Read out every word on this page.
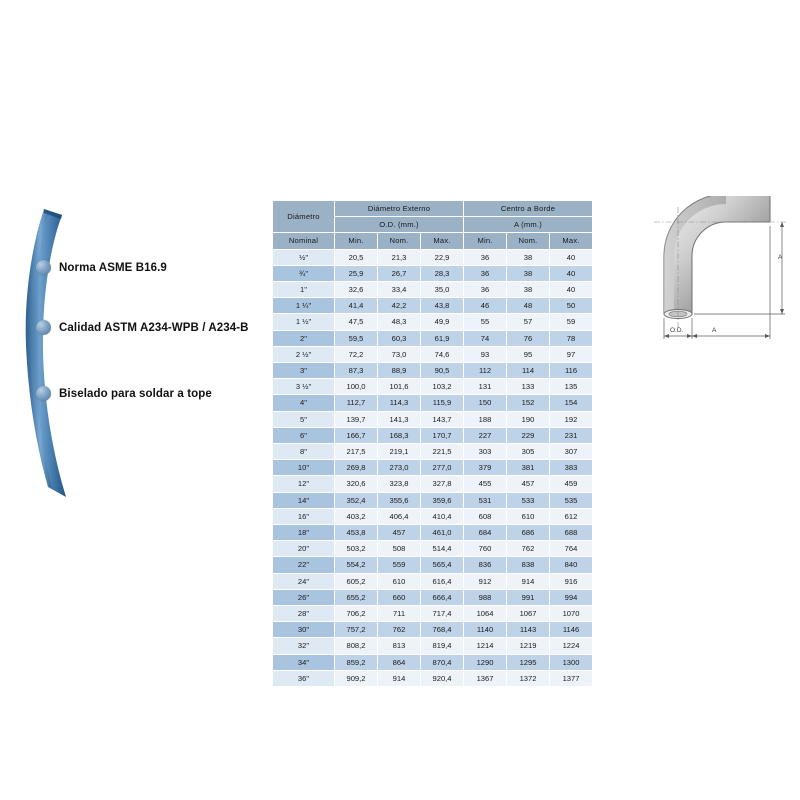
Norma ASME B16.9
Calidad ASTM A234-WPB / A234-B
Biselado para soldar a tope
Diámetro	Diámetro Externo			Centro a Borde		
	O.D. (mm.)			A (mm.)		
Nominal	Min.	Nom.	Max.	Min.	Nom.	Max.
½"	20,5	21,3	22,9	36	38	40
¾"	25,9	26,7	28,3	36	38	40
1"	32,6	33,4	35,0	36	38	40
1 ¼"	41,4	42,2	43,8	46	48	50
1 ½"	47,5	48,3	49,9	55	57	59
2"	59,5	60,3	61,9	74	76	78
2 ½"	72,2	73,0	74,6	93	95	97
3"	87,3	88,9	90,5	112	114	116
3 ½"	100,0	101,6	103,2	131	133	135
4"	112,7	114,3	115,9	150	152	154
5"	139,7	141,3	143,7	188	190	192
6"	166,7	168,3	170,7	227	229	231
8"	217,5	219,1	221,5	303	305	307
10"	269,8	273,0	277,0	379	381	383
12"	320,6	323,8	327,8	455	457	459
14"	352,4	355,6	359,6	531	533	535
16"	403,2	406,4	410,4	608	610	612
18"	453,8	457	461,0	684	686	688
20"	503,2	508	514,4	760	762	764
22"	554,2	559	565,4	836	838	840
24"	605,2	610	616,4	912	914	916
26"	655,2	660	666,4	988	991	994
28"	706,2	711	717,4	1064	1067	1070
30"	757,2	762	768,4	1140	1143	1146
32"	808,2	813	819,4	1214	1219	1224
34"	859,2	864	870,4	1290	1295	1300
36"	909,2	914	920,4	1367	1372	1377
O.D.	A
A
